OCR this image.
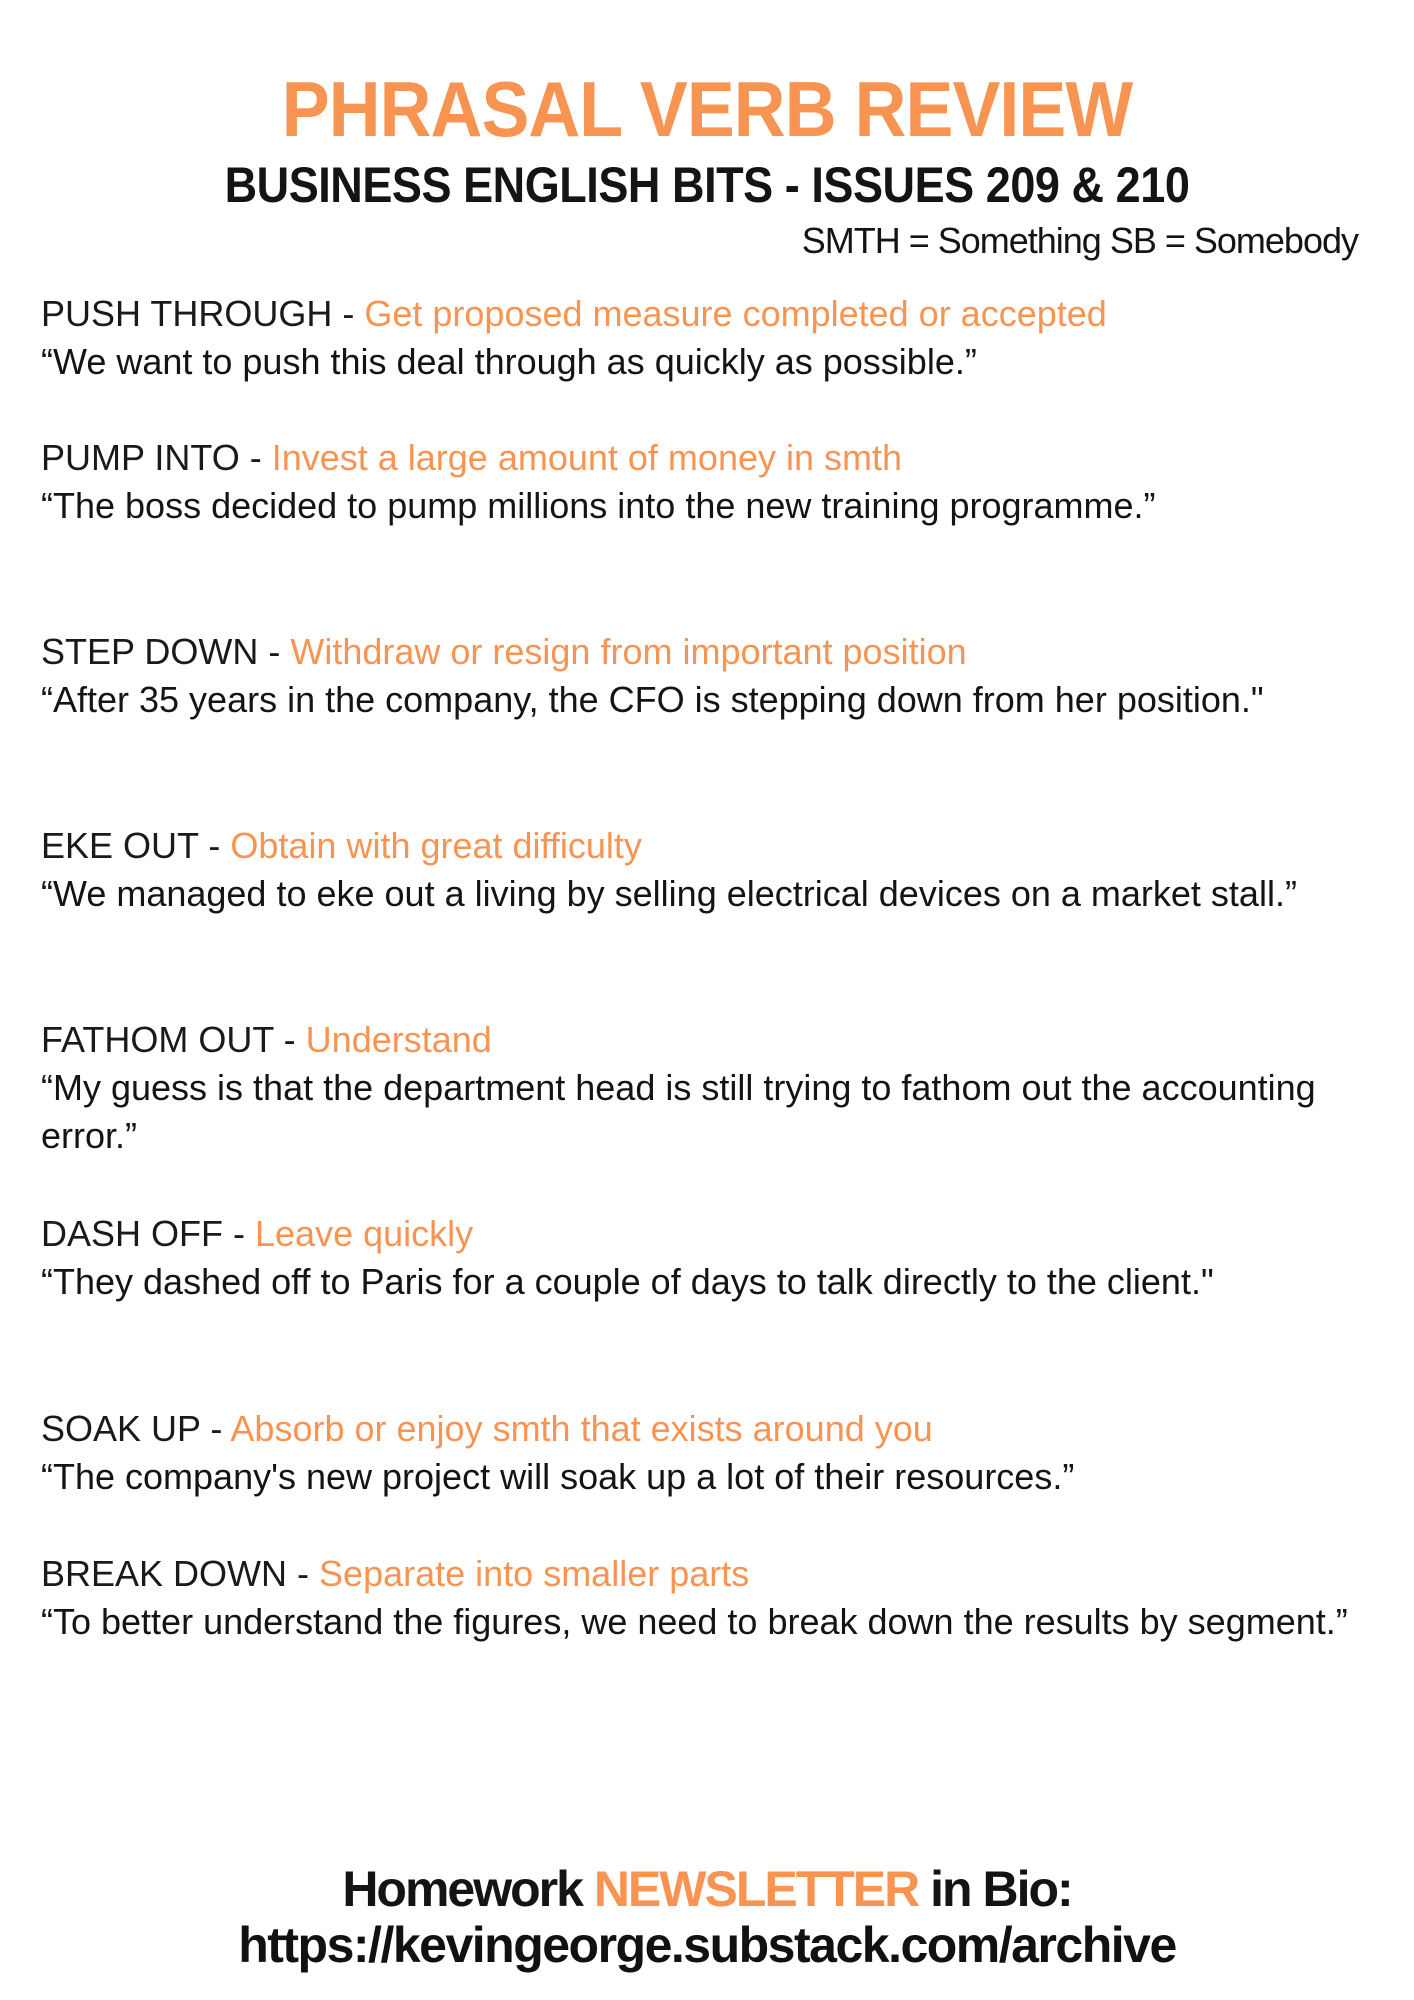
PHRASAL VERB REVIEW
BUSINESS ENGLISH BITS - ISSUES 209 & 210
SMTH = Something SB = Somebody
PUSH THROUGH - Get proposed measure completed or accepted
“We want to push this deal through as quickly as possible.”
PUMP INTO - Invest a large amount of money in smth
“The boss decided to pump millions into the new training programme.”
STEP DOWN - Withdraw or resign from important position
“After 35 years in the company, the CFO is stepping down from her position."
EKE OUT - Obtain with great difficulty
“We managed to eke out a living by selling electrical devices on a market stall.”
FATHOM OUT - Understand
“My guess is that the department head is still trying to fathom out the accounting error.”
DASH OFF - Leave quickly
“They dashed off to Paris for a couple of days to talk directly to the client."
SOAK UP - Absorb or enjoy smth that exists around you
“The company's new project will soak up a lot of their resources.”
BREAK DOWN - Separate into smaller parts
“To better understand the figures, we need to break down the results by segment.”
Homework NEWSLETTER in Bio:
https://kevingeorge.substack.com/archive
